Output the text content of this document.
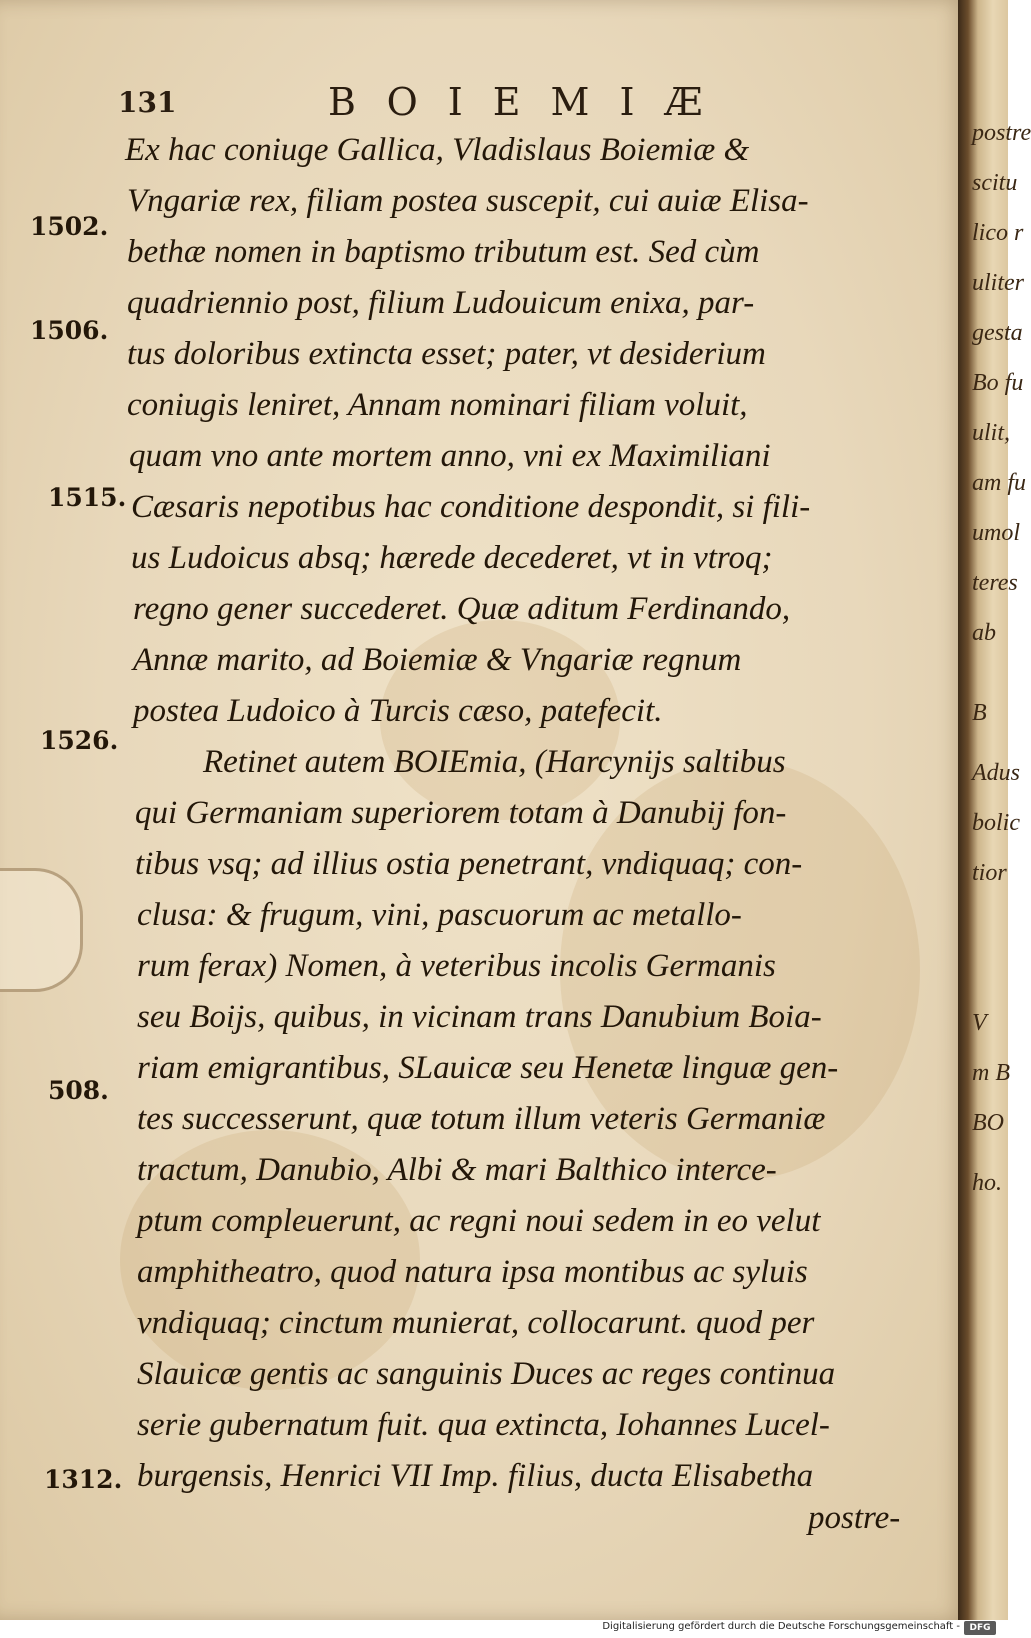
131	BOIEMIÆ
Ex hac coniuge Gallica, Vladislaus Boiemiæ &
Vngariæ rex, filiam postea suscepit, cui auiæ Elisa-
bethæ nomen in baptismo tributum est. Sed cùm
quadriennio post, filium Ludouicum enixa, par-
tus doloribus extincta esset; pater, vt desiderium
coniugis leniret, Annam nominari filiam voluit,
quam vno ante mortem anno, vni ex Maximiliani
Cæsaris nepotibus hac conditione despondit, si fili-
us Ludoicus absq; hærede decederet, vt in vtroq;
regno gener succederet. Quæ aditum Ferdinando,
Annæ marito, ad Boiemiæ & Vngariæ regnum
postea Ludoico à Turcis cæso, patefecit.
Retinet autem BOIEmia, (Harcynijs saltibus
qui Germaniam superiorem totam à Danubij fon-
tibus vsq; ad illius ostia penetrant, vndiquaq; con-
clusa: & frugum, vini, pascuorum ac metallo-
rum ferax) Nomen, à veteribus incolis Germanis
seu Boijs, quibus, in vicinam trans Danubium Boia-
riam emigrantibus, SLauicæ seu Henetæ linguæ gen-
tes successerunt, quæ totum illum veteris Germaniæ
tractum, Danubio, Albi & mari Balthico interce-
ptum compleuerunt, ac regni noui sedem in eo velut
amphitheatro, quod natura ipsa montibus ac syluis
vndiquaq; cinctum munierat, collocarunt. quod per
Slauicæ gentis ac sanguinis Duces ac reges continua
serie gubernatum fuit. qua extincta, Iohannes Lucel-
burgensis, Henrici VII Imp. filius, ducta Elisabetha
postre-
1502.
1506.
1515.
1526.
508.
1312.
postre
scitu
lico r
uliter
gesta
Bo fu
ulit,
am fu
umol
teres
ab
B
Adus
bolic
tior
V
m B
BO
ho.
Digitalisierung gefördert durch die Deutsche Forschungsgemeinschaft -	DFG
